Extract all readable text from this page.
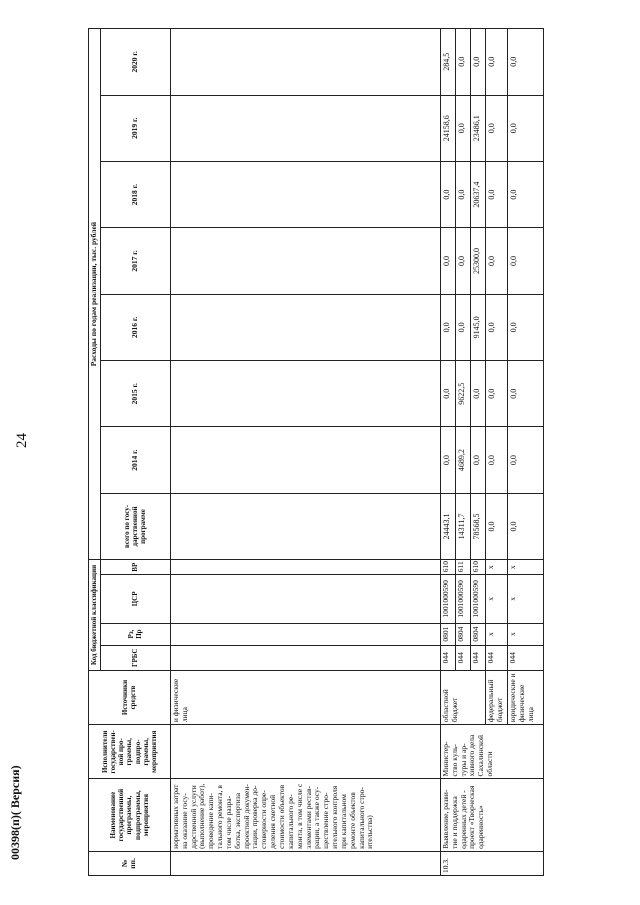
24
№ пп.	Наименование государственной программы, подпрограммы, мероприятия	Исполнители государствен- ной про- граммы, подпро- граммы, мероприятия	Источники средств	Код бюджетной классификации				Расходы по годам реализации, тыс. рублей							
				ГРБС	Рз, Пр	ЦСР	ВР	всего по госу- дарственной программе	2014 г.	2015 г.	2016 г.	2017 г.	2018 г.	2019 г.	2020 г.
	нормативных затрат на оказание госу- дарственной услуги (выполнение работ), проведение капи- тального ремонта, в том числе разра- ботка, экспертиза проектной докумен- тации, проверка до- стоверности опре- деления сметной стоимости объектов капитального ре- монта, в том числе с элементами рестав- рации, а также осу- ществление стро- ительного контроля при капитальном ремонте объектов капитального стро- ительства)		и физические лица												
10.3.	Выявление, разви- тие и поддержка одаренных детей - проект «Творческая одаренность»	Министер- ство куль- туры и ар- хивного дела Сахалинской области	областной бюджет	044	0801	1001000590	610	24443,1	0,0	0,0	0,0	0,0	0,0	24158,6	284,5
				044	0804	1001000590	611	14311,7	4689,2	9622,5	0,0	0,0	0,0	0,0	0,0
				044	0804	1001000590	610	78568,5	0,0	0,0	9145,0	25300,0	20637,4	23486,1	0,0
			федеральный бюджет	044	х	х	х	0,0	0,0	0,0	0,0	0,0	0,0	0,0	0,0
			юридические и физические лица	044	х	х	х	0,0	0,0	0,0	0,0	0,0	0,0	0,0	0,0
00398(п)( Версия)
